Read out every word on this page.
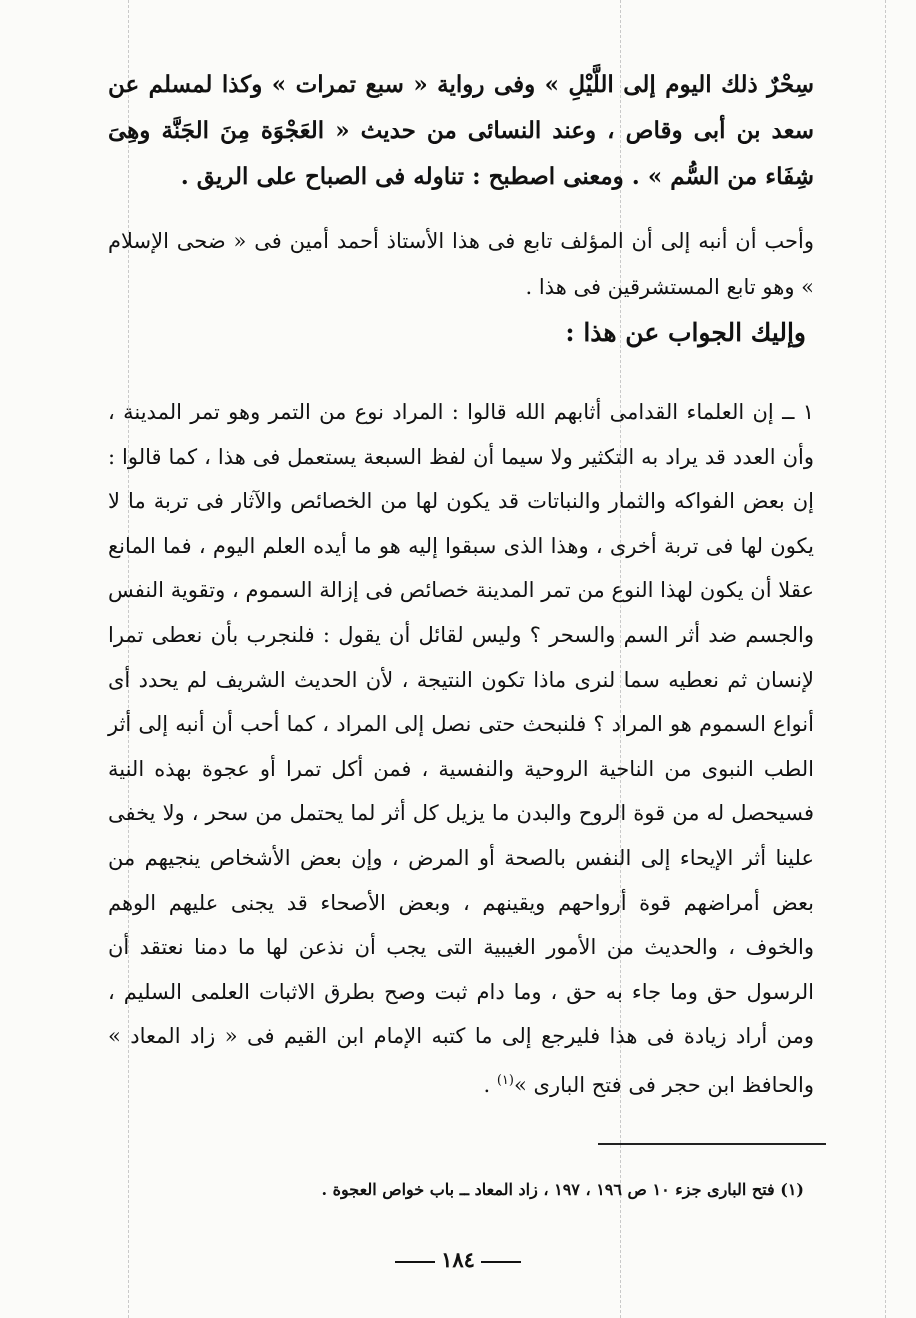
سِحْرٌ ذلك اليوم إلى اللَّيْلِ » وفى رواية « سبع تمرات » وكذا لمسلم عن سعد بن أبى وقاص ، وعند النسائى من حديث « العَجْوَة مِنَ الجَنَّة وهِىَ شِفَاء من السُّم » . ومعنى اصطبح : تناوله فى الصباح على الريق .

وأحب أن أنبه إلى أن المؤلف تابع فى هذا الأستاذ أحمد أمين فى « ضحى الإسلام » وهو تابع المستشرقين فى هذا .

وإليك الجواب عن هذا :

١ ــ إن العلماء القدامى أثابهم الله قالوا : المراد نوع من التمر وهو تمر المدينة ، وأن العدد قد يراد به التكثير ولا سيما أن لفظ السبعة يستعمل فى هذا ، كما قالوا : إن بعض الفواكه والثمار والنباتات قد يكون لها من الخصائص والآثار فى تربة ما لا يكون لها فى تربة أخرى ، وهذا الذى سبقوا إليه هو ما أيده العلم اليوم ، فما المانع عقلا أن يكون لهذا النوع من تمر المدينة خصائص فى إزالة السموم ، وتقوية النفس والجسم ضد أثر السم والسحر ؟ وليس لقائل أن يقول : فلنجرب بأن نعطى تمرا لإنسان ثم نعطيه سما لنرى ماذا تكون النتيجة ، لأن الحديث الشريف لم يحدد أى أنواع السموم هو المراد ؟ فلنبحث حتى نصل إلى المراد ، كما أحب أن أنبه إلى أثر الطب النبوى من الناحية الروحية والنفسية ، فمن أكل تمرا أو عجوة بهذه النية فسيحصل له من قوة الروح والبدن ما يزيل كل أثر لما يحتمل من سحر ، ولا يخفى علينا أثر الإيحاء إلى النفس بالصحة أو المرض ، وإن بعض الأشخاص ينجيهم من بعض أمراضهم قوة أرواحهم ويقينهم ، وبعض الأصحاء قد يجنى عليهم الوهم والخوف ، والحديث من الأمور الغيبية التى يجب أن نذعن لها ما دمنا نعتقد أن الرسول حق وما جاء به حق ، وما دام ثبت وصح بطرق الاثبات العلمى السليم ، ومن أراد زيادة فى هذا فليرجع إلى ما كتبه الإمام ابن القيم فى « زاد المعاد » والحافظ ابن حجر فى فتح البارى »$^{(١)}$ .

(١) فتح البارى جزء ١٠ ص ١٩٦ ، ١٩٧ ، زاد المعاد ــ باب خواص العجوة .
١٨٤
